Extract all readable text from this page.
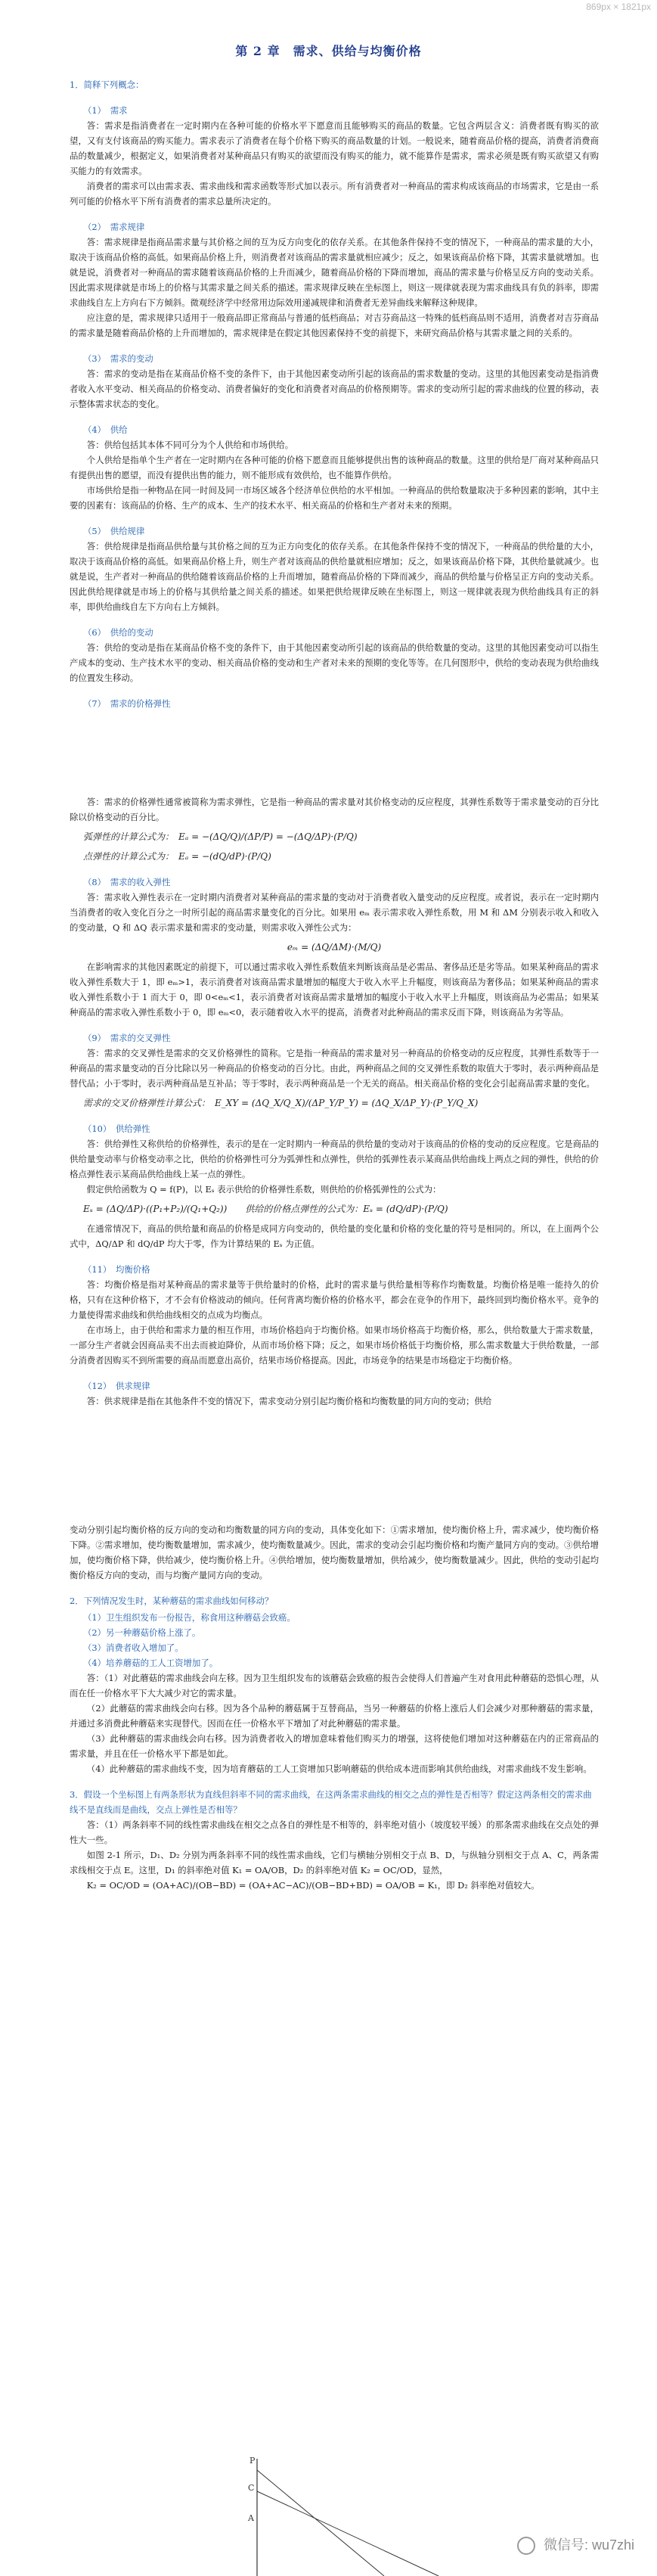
869px × 1821px
第 2 章　需求、供给与均衡价格
1．简释下列概念：
（1）　需求

答：需求是指消费者在一定时期内在各种可能的价格水平下愿意而且能够购买的商品的数量。它包含两层含义：消费者既有购买的欲望，又有支付该商品的购买能力。需求表示了消费者在每个价格下购买的商品数量的计划。一般说来，随着商品价格的提高，消费者消费商品的数量减少，根据定义，如果消费者对某种商品只有购买的欲望而没有购买的能力，就不能算作是需求，需求必须是既有购买欲望又有购买能力的有效需求。

消费者的需求可以由需求表、需求曲线和需求函数等形式加以表示。所有消费者对一种商品的需求构成该商品的市场需求，它是由一系列可能的价格水平下所有消费者的需求总量所决定的。

（2）　需求规律

答：需求规律是指商品需求量与其价格之间的互为反方向变化的依存关系。在其他条件保持不变的情况下，一种商品的需求量的大小，取决于该商品价格的高低。如果商品价格上升，则消费者对该商品的需求量就相应减少；反之，如果该商品价格下降，其需求量就增加。也就是说，消费者对一种商品的需求随着该商品价格的上升而减少，随着商品价格的下降而增加，商品的需求量与价格呈反方向的变动关系。因此需求规律就是市场上的价格与其需求量之间关系的描述。需求规律反映在坐标图上，则这一规律就表现为需求曲线具有负的斜率，即需求曲线自左上方向右下方倾斜。微观经济学中经常用边际效用递减规律和消费者无差异曲线来解释这种规律。

应注意的是，需求规律只适用于一般商品即正常商品与普通的低档商品；对吉芬商品这一特殊的低档商品则不适用，消费者对吉芬商品的需求量是随着商品价格的上升而增加的，需求规律是在假定其他因素保持不变的前提下，来研究商品价格与其需求量之间的关系的。

（3）　需求的变动

答：需求的变动是指在某商品价格不变的条件下，由于其他因素变动所引起的该商品的需求数量的变动。这里的其他因素变动是指消费者收入水平变动、相关商品的价格变动、消费者偏好的变化和消费者对商品的价格预期等。需求的变动所引起的需求曲线的位置的移动，表示整体需求状态的变化。

（4）　供给

答：供给包括其本体不同可分为个人供给和市场供给。

个人供给是指单个生产者在一定时期内在各种可能的价格下愿意而且能够提供出售的该种商品的数量。这里的供给是厂商对某种商品只有提供出售的愿望，而没有提供出售的能力，则不能形成有效供给，也不能算作供给。

市场供给是指一种物品在同一时间及同一市场区域各个经济单位供给的水平相加。一种商品的供给数量取决于多种因素的影响，其中主要的因素有：该商品的价格、生产的成本、生产的技术水平、相关商品的价格和生产者对未来的预期。

（5）　供给规律

答：供给规律是指商品供给量与其价格之间的互为正方向变化的依存关系。在其他条件保持不变的情况下，一种商品的供给量的大小，取决于该商品价格的高低。如果商品价格上升，则生产者对该商品的供给量就相应增加；反之，如果该商品价格下降，其供给量就减少。也就是说，生产者对一种商品的供给随着该商品价格的上升而增加，随着商品价格的下降而减少，商品的供给量与价格呈正方向的变动关系。因此供给规律就是市场上的价格与其供给量之间关系的描述。如果把供给规律反映在坐标图上，则这一规律就表现为供给曲线具有正的斜率，即供给曲线自左下方向右上方倾斜。

（6）　供给的变动

答：供给的变动是指在某商品价格不变的条件下，由于其他因素变动所引起的该商品的供给数量的变动。这里的其他因素变动可以指生产成本的变动、生产技术水平的变动、相关商品价格的变动和生产者对未来的预期的变化等等。在几何图形中，供给的变动表现为供给曲线的位置发生移动。

（7）　需求的价格弹性

答：需求的价格弹性通常被简称为需求弹性，它是指一种商品的需求量对其价格变动的反应程度，其弹性系数等于需求量变动的百分比除以价格变动的百分比。

弧弹性的计算公式为：　Eₐ = −(ΔQ/Q)/(ΔP/P) = −(ΔQ/ΔP)·(P/Q)
点弹性的计算公式为：　Eₐ = −(dQ/dP)·(P/Q)
（8）　需求的收入弹性

答：需求收入弹性表示在一定时期内消费者对某种商品的需求量的变动对于消费者收入量变动的反应程度。或者说，表示在一定时期内当消费者的收入变化百分之一时所引起的商品需求量变化的百分比。如果用 eₘ 表示需求收入弹性系数，用 M 和 ΔM 分别表示收入和收入的变动量，Q 和 ΔQ 表示需求量和需求的变动量，则需求收入弹性公式为：

eₘ = (ΔQ/ΔM)·(M/Q)

在影响需求的其他因素既定的前提下，可以通过需求收入弹性系数值来判断该商品是必需品、奢侈品还是劣等品。如果某种商品的需求收入弹性系数大于 1，即 eₘ>1，表示消费者对该商品需求量增加的幅度大于收入水平上升幅度，则该商品为奢侈品；如果某种商品的需求收入弹性系数小于 1 而大于 0，即 0<eₘ<1，表示消费者对该商品需求量增加的幅度小于收入水平上升幅度，则该商品为必需品；如果某种商品的需求收入弹性系数小于 0，即 eₘ<0，表示随着收入水平的提高，消费者对此种商品的需求反而下降，则该商品为劣等品。

（9）　需求的交叉弹性

答：需求的交叉弹性是需求的交叉价格弹性的简称。它是指一种商品的需求量对另一种商品的价格变动的反应程度，其弹性系数等于一种商品的需求量变动的百分比除以另一种商品的价格变动的百分比。由此，两种商品之间的交叉弹性系数的取值大于零时，表示两种商品是替代品；小于零时，表示两种商品是互补品；等于零时，表示两种商品是一个无关的商品。相关商品价格的变化会引起商品需求量的变化。

需求的交叉价格弹性计算公式：　E_XY = (ΔQ_X/Q_X)/(ΔP_Y/P_Y) = (ΔQ_X/ΔP_Y)·(P_Y/Q_X)
（10）　供给弹性

答：供给弹性又称供给的价格弹性，表示的是在一定时期内一种商品的供给量的变动对于该商品的价格的变动的反应程度。它是商品的供给量变动率与价格变动率之比，供给的价格弹性可分为弧弹性和点弹性，供给的弧弹性表示某商品供给曲线上两点之间的弹性，供给的价格点弹性表示某商品供给曲线上某一点的弹性。

假定供给函数为 Q = f(P)，以 Eₛ 表示供给的价格弹性系数，则供给的价格弧弹性的公式为：

Eₛ = (ΔQ/ΔP)·((P₁+P₂)/(Q₁+Q₂))　　供给的价格点弹性的公式为：Eₛ = (dQ/dP)·(P/Q)

在通常情况下，商品的供给量和商品的价格是成同方向变动的，供给量的变化量和价格的变化量的符号是相同的。所以，在上面两个公式中，ΔQ/ΔP 和 dQ/dP 均大于零，作为计算结果的 Eₛ 为正值。

（11）　均衡价格

答：均衡价格是指对某种商品的需求量等于供给量时的价格，此时的需求量与供给量相等称作均衡数量。均衡价格是唯一能持久的价格，只有在这种价格下，才不会有价格波动的倾向。任何背离均衡价格的价格水平，都会在竞争的作用下，最终回到均衡价格水平。竞争的力量使得需求曲线和供给曲线相交的点成为均衡点。

在市场上，由于供给和需求力量的相互作用，市场价格趋向于均衡价格。如果市场价格高于均衡价格，那么，供给数量大于需求数量，一部分生产者就会因商品卖不出去而被迫降价，从而市场价格下降；反之，如果市场价格低于均衡价格，那么需求数量大于供给数量，一部分消费者因购买不到所需要的商品而愿意出高价，结果市场价格提高。因此，市场竞争的结果是市场稳定于均衡价格。

（12）　供求规律

答：供求规律是指在其他条件不变的情况下，需求变动分别引起均衡价格和均衡数量的同方向的变动；供给

变动分别引起均衡价格的反方向的变动和均衡数量的同方向的变动，具体变化如下：①需求增加，使均衡价格上升，需求减少，使均衡价格下降。②需求增加，使均衡数量增加，需求减少，使均衡数量减少。因此，需求的变动会引起均衡价格和均衡产量同方向的变动。③供给增加，使均衡价格下降，供给减少，使均衡价格上升。④供给增加，使均衡数量增加，供给减少，使均衡数量减少。因此，供给的变动引起均衡价格反方向的变动，而与均衡产量同方向的变动。

2．下列情况发生时，某种蘑菇的需求曲线如何移动？
（1）卫生组织发布一份报告，称食用这种蘑菇会致癌。
（2）另一种蘑菇价格上涨了。
（3）消费者收入增加了。
（4）培养蘑菇的工人工资增加了。

答：（1）对此蘑菇的需求曲线会向左移。因为卫生组织发布的该蘑菇会致癌的报告会使得人们普遍产生对食用此种蘑菇的恐惧心理，从而在任一价格水平下大大减少对它的需求量。

（2）此蘑菇的需求曲线会向右移。因为各个品种的蘑菇属于互替商品，当另一种蘑菇的价格上涨后人们会减少对那种蘑菇的需求量，并通过多消费此种蘑菇来实现替代。因而在任一价格水平下增加了对此种蘑菇的需求量。

（3）此种蘑菇的需求曲线会向右移。因为消费者收入的增加意味着他们购买力的增强，这将使他们增加对这种蘑菇在内的正常商品的需求量，并且在任一价格水平下都是如此。

（4）此种蘑菇的需求曲线不变，因为培育蘑菇的工人工资增加只影响蘑菇的供给成本进而影响其供给曲线，对需求曲线不发生影响。

3．假设一个坐标图上有两条形状为直线但斜率不同的需求曲线，在这两条需求曲线的相交之点的弹性是否相等？假定这两条相交的需求曲线不是直线而是曲线，交点上弹性是否相等？

答：（1）两条斜率不同的线性需求曲线在相交之点各自的弹性是不相等的，斜率绝对值小（坡度较平缓）的那条需求曲线在交点处的弹性大一些。

如图 2-1 所示，D₁、D₂ 分别为两条斜率不同的线性需求曲线，它们与横轴分别相交于点 B、D，与纵轴分别相交于点 A、C，两条需求线相交于点 E。这里，D₁ 的斜率绝对值 K₁ = OA/OB，D₂ 的斜率绝对值 K₂ = OC/OD，显然，

K₂ = OC/OD = (OA+AC)/(OB−BD) = (OA+AC−AC)/(OB−BD+BD) = OA/OB = K₁，即 D₂ 斜率绝对值较大。

P
C
A
微信号: wu7zhi
